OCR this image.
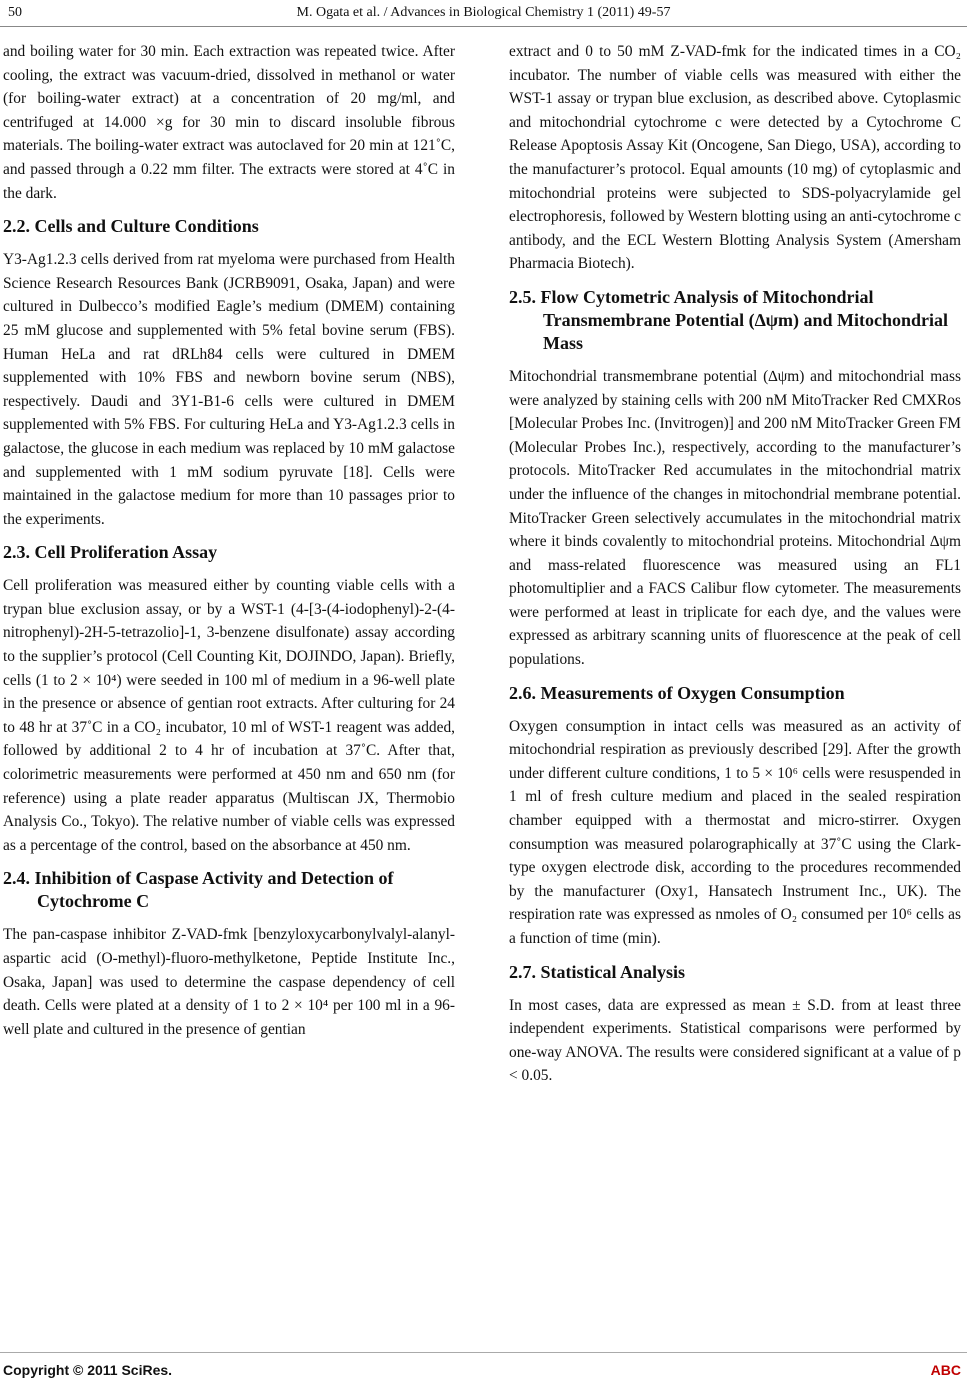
50	M. Ogata et al. / Advances in Biological Chemistry 1 (2011) 49-57

and boiling water for 30 min. Each extraction was repeated twice. After cooling, the extract was vacuum-dried, dissolved in methanol or water (for boiling-water extract) at a concentration of 20 mg/ml, and centrifuged at 14.000 ×g for 30 min to discard insoluble fibrous materials. The boiling-water extract was autoclaved for 20 min at 121˚C, and passed through a 0.22 mm filter. The extracts were stored at 4˚C in the dark.

2.2. Cells and Culture Conditions

Y3-Ag1.2.3 cells derived from rat myeloma were purchased from Health Science Research Resources Bank (JCRB9091, Osaka, Japan) and were cultured in Dulbecco’s modified Eagle’s medium (DMEM) containing 25 mM glucose and supplemented with 5% fetal bovine serum (FBS). Human HeLa and rat dRLh84 cells were cultured in DMEM supplemented with 10% FBS and newborn bovine serum (NBS), respectively. Daudi and 3Y1-B1-6 cells were cultured in DMEM supplemented with 5% FBS. For culturing HeLa and Y3-Ag1.2.3 cells in galactose, the glucose in each medium was replaced by 10 mM galactose and supplemented with 1 mM sodium pyruvate [18]. Cells were maintained in the galactose medium for more than 10 passages prior to the experiments.

2.3. Cell Proliferation Assay

Cell proliferation was measured either by counting viable cells with a trypan blue exclusion assay, or by a WST-1 (4-[3-(4-iodophenyl)-2-(4-nitrophenyl)-2H-5-tetrazolio]-1, 3-benzene disulfonate) assay according to the supplier’s protocol (Cell Counting Kit, DOJINDO, Japan). Briefly, cells (1 to 2 × 10⁴) were seeded in 100 ml of medium in a 96-well plate in the presence or absence of gentian root extracts. After culturing for 24 to 48 hr at 37˚C in a CO₂ incubator, 10 ml of WST-1 reagent was added, followed by additional 2 to 4 hr of incubation at 37˚C. After that, colorimetric measurements were performed at 450 nm and 650 nm (for reference) using a plate reader apparatus (Multiscan JX, Thermobio Analysis Co., Tokyo). The relative number of viable cells was expressed as a percentage of the control, based on the absorbance at 450 nm.

2.4. Inhibition of Caspase Activity and Detection of Cytochrome C

The pan-caspase inhibitor Z-VAD-fmk [benzyloxycarbonylvalyl-alanyl-aspartic acid (O-methyl)-fluoro-methylketone, Peptide Institute Inc., Osaka, Japan] was used to determine the caspase dependency of cell death. Cells were plated at a density of 1 to 2 × 10⁴ per 100 ml in a 96-well plate and cultured in the presence of gentian

extract and 0 to 50 mM Z-VAD-fmk for the indicated times in a CO₂ incubator. The number of viable cells was measured with either the WST-1 assay or trypan blue exclusion, as described above. Cytoplasmic and mitochondrial cytochrome c were detected by a Cytochrome C Release Apoptosis Assay Kit (Oncogene, San Diego, USA), according to the manufacturer’s protocol. Equal amounts (10 mg) of cytoplasmic and mitochondrial proteins were subjected to SDS-polyacrylamide gel electrophoresis, followed by Western blotting using an anti-cytochrome c antibody, and the ECL Western Blotting Analysis System (Amersham Pharmacia Biotech).

2.5. Flow Cytometric Analysis of Mitochondrial Transmembrane Potential (∆ψm) and Mitochondrial Mass

Mitochondrial transmembrane potential (∆ψm) and mitochondrial mass were analyzed by staining cells with 200 nM MitoTracker Red CMXRos [Molecular Probes Inc. (Invitrogen)] and 200 nM MitoTracker Green FM (Molecular Probes Inc.), respectively, according to the manufacturer’s protocols. MitoTracker Red accumulates in the mitochondrial matrix under the influence of the changes in mitochondrial membrane potential. MitoTracker Green selectively accumulates in the mitochondrial matrix where it binds covalently to mitochondrial proteins. Mitochondrial ∆ψm and mass-related fluorescence was measured using an FL1 photomultiplier and a FACS Calibur flow cytometer. The measurements were performed at least in triplicate for each dye, and the values were expressed as arbitrary scanning units of fluorescence at the peak of cell populations.

2.6. Measurements of Oxygen Consumption

Oxygen consumption in intact cells was measured as an activity of mitochondrial respiration as previously described [29]. After the growth under different culture conditions, 1 to 5 × 10⁶ cells were resuspended in 1 ml of fresh culture medium and placed in the sealed respiration chamber equipped with a thermostat and micro-stirrer. Oxygen consumption was measured polarographically at 37˚C using the Clark-type oxygen electrode disk, according to the procedures recommended by the manufacturer (Oxy1, Hansatech Instrument Inc., UK). The respiration rate was expressed as nmoles of O₂ consumed per 10⁶ cells as a function of time (min).

2.7. Statistical Analysis

In most cases, data are expressed as mean ± S.D. from at least three independent experiments. Statistical comparisons were performed by one-way ANOVA. The results were considered significant at a value of p < 0.05.

Copyright © 2011 SciRes.	ABC
